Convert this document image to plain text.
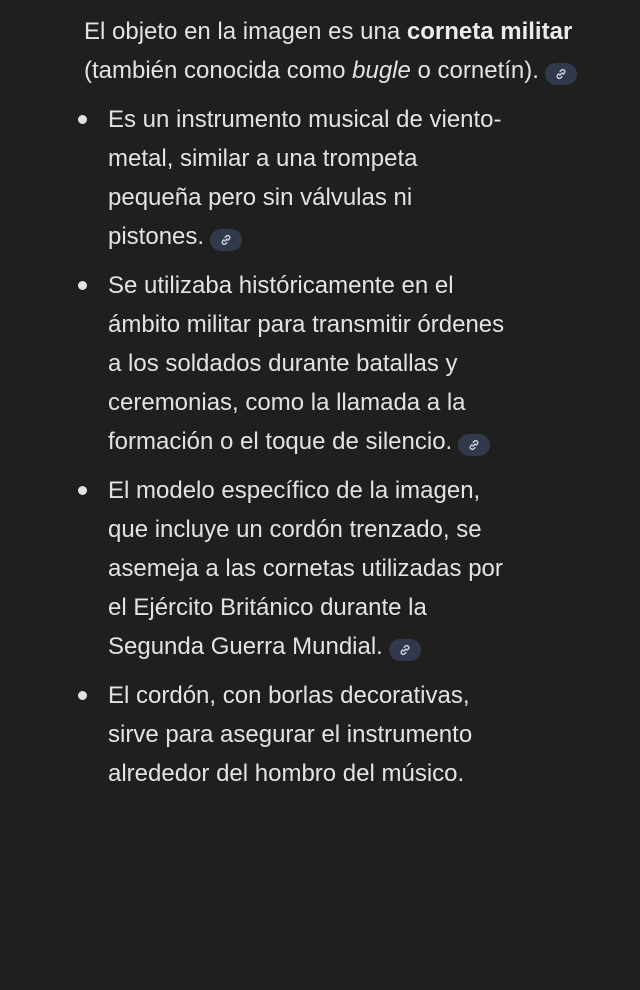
El objeto en la imagen es una corneta militar (también conocida como bugle o cornetín).

Es un instrumento musical de viento-metal, similar a una trompeta pequeña pero sin válvulas ni pistones.
Se utilizaba históricamente en el ámbito militar para transmitir órdenes a los soldados durante batallas y ceremonias, como la llamada a la formación o el toque de silencio.
El modelo específico de la imagen, que incluye un cordón trenzado, se asemeja a las cornetas utilizadas por el Ejército Británico durante la Segunda Guerra Mundial.
El cordón, con borlas decorativas, sirve para asegurar el instrumento alrededor del hombro del músico.
